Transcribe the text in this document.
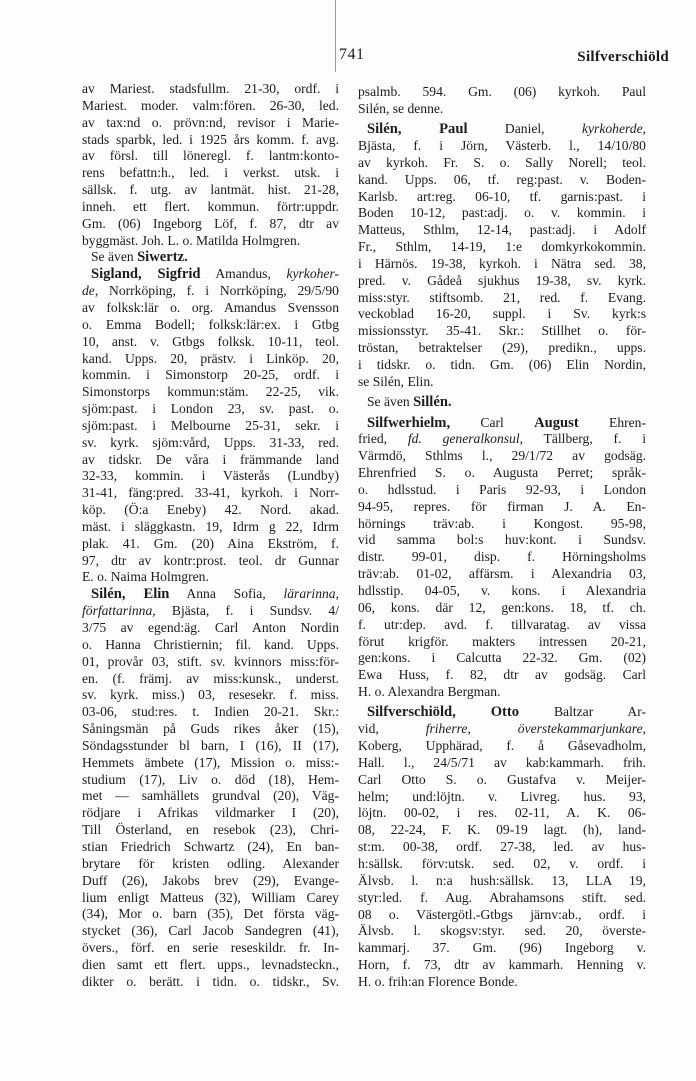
741	Silfverschiöld
av Mariest. stadsfullm. 21-30, ordf. i
Mariest. moder. valm:fören. 26-30, led.
av tax:nd o. prövn:nd, revisor i Marie-
stads sparbk, led. i 1925 års komm. f. avg.
av försl. till löneregl. f. lantm:konto-
rens befattn:h., led. i verkst. utsk. i
sällsk. f. utg. av lantmät. hist. 21-28,
inneh. ett flert. kommun. förtr:uppdr.
Gm. (06) Ingeborg Löf, f. 87, dtr av
byggmäst. Joh. L. o. Matilda Holmgren.
Se även Siwertz.
Sigland, Sigfrid Amandus, kyrkoher-
de, Norrköping, f. i Norrköping, 29/5/90
av folksk:lär o. org. Amandus Svensson
o. Emma Bodell; folksk:lär:ex. i Gtbg
10, anst. v. Gtbgs folksk. 10-11, teol.
kand. Upps. 20, prästv. i Linköp. 20,
kommin. i Simonstorp 20-25, ordf. i
Simonstorps kommun:stäm. 22-25, vik.
sjöm:past. i London 23, sv. past. o.
sjöm:past. i Melbourne 25-31, sekr. i
sv. kyrk. sjöm:vård, Upps. 31-33, red.
av tidskr. De våra i främmande land
32-33, kommin. i Västerås (Lundby)
31-41, fäng:pred. 33-41, kyrkoh. i Norr-
köp. (Ö:a Eneby) 42. Nord. akad.
mäst. i släggkastn. 19, Idrm g 22, Idrm
plak. 41. Gm. (20) Aina Ekström, f.
97, dtr av kontr:prost. teol. dr Gunnar
E. o. Naima Holmgren.
Silén, Elin Anna Sofia, lärarinna,
författarinna, Bjästa, f. i Sundsv. 4/
3/75 av egend:äg. Carl Anton Nordin
o. Hanna Christiernin; fil. kand. Upps.
01, provår 03, stift. sv. kvinnors miss:för-
en. (f. främj. av miss:kunsk., underst.
sv. kyrk. miss.) 03, resesekr. f. miss.
03-06, stud:res. t. Indien 20-21. Skr.:
Såningsmän på Guds rikes åker (15),
Söndagsstunder bl barn, I (16), II (17),
Hemmets ämbete (17), Mission o. miss:-
studium (17), Liv o. död (18), Hem-
met — samhällets grundval (20), Väg-
rödjare i Afrikas vildmarker I (20),
Till Österland, en resebok (23), Chri-
stian Friedrich Schwartz (24), En ban-
brytare för kristen odling. Alexander
Duff (26), Jakobs brev (29), Evange-
lium enligt Matteus (32), William Carey
(34), Mor o. barn (35), Det första väg-
stycket (36), Carl Jacob Sandegren (41),
övers., förf. en serie reseskildr. fr. In-
dien samt ett flert. upps., levnadsteckn.,
dikter o. berätt. i tidn. o. tidskr., Sv.
psalmb. 594. Gm. (06) kyrkoh. Paul
Silén, se denne.
Silén, Paul Daniel, kyrkoherde,
Bjästa, f. i Jörn, Västerb. l., 14/10/80
av kyrkoh. Fr. S. o. Sally Norell; teol.
kand. Upps. 06, tf. reg:past. v. Boden-
Karlsb. art:reg. 06-10, tf. garnis:past. i
Boden 10-12, past:adj. o. v. kommin. i
Matteus, Sthlm, 12-14, past:adj. i Adolf
Fr., Sthlm, 14-19, 1:e domkyrkokommin.
i Härnös. 19-38, kyrkoh. i Nätra sed. 38,
pred. v. Gådeå sjukhus 19-38, sv. kyrk.
miss:styr. stiftsomb. 21, red. f. Evang.
veckoblad 16-20, suppl. i Sv. kyrk:s
missionsstyr. 35-41. Skr.: Stillhet o. för-
tröstan, betraktelser (29), predikn., upps.
i tidskr. o. tidn. Gm. (06) Elin Nordin,
se Silén, Elin.
Se även Sillén.
Silfwerhielm, Carl August Ehren-
fried, fd. generalkonsul, Tällberg, f. i
Värmdö, Sthlms l., 29/1/72 av godsäg.
Ehrenfried S. o. Augusta Perret; språk-
o. hdlsstud. i Paris 92-93, i London
94-95, repres. för firman J. A. En-
hörnings träv:ab. i Kongost. 95-98,
vid samma bol:s huv:kont. i Sundsv.
distr. 99-01, disp. f. Hörningsholms
träv:ab. 01-02, affärsm. i Alexandria 03,
hdlsstip. 04-05, v. kons. i Alexandria
06, kons. där 12, gen:kons. 18, tf. ch.
f. utr:dep. avd. f. tillvaratag. av vissa
förut krigför. makters intressen 20-21,
gen:kons. i Calcutta 22-32. Gm. (02)
Ewa Huss, f. 82, dtr av godsäg. Carl
H. o. Alexandra Bergman.
Silfverschiöld, Otto Baltzar Ar-
vid, friherre, överstekammarjunkare,
Koberg, Upphärad, f. å Gåsevadholm,
Hall. l., 24/5/71 av kab:kammarh. frih.
Carl Otto S. o. Gustafva v. Meijer-
helm; und:löjtn. v. Livreg. hus. 93,
löjtn. 00-02, i res. 02-11, A. K. 06-
08, 22-24, F. K. 09-19 lagt. (h), land-
st:m. 00-38, ordf. 27-38, led. av hus-
h:sällsk. förv:utsk. sed. 02, v. ordf. i
Älvsb. l. n:a hush:sällsk. 13, LLA 19,
styr:led. f. Aug. Abrahamsons stift. sed.
08 o. Västergötl.-Gtbgs järnv:ab., ordf. i
Älvsb. l. skogsv:styr. sed. 20, överste-
kammarj. 37. Gm. (96) Ingeborg v.
Horn, f. 73, dtr av kammarh. Henning v.
H. o. frih:an Florence Bonde.
